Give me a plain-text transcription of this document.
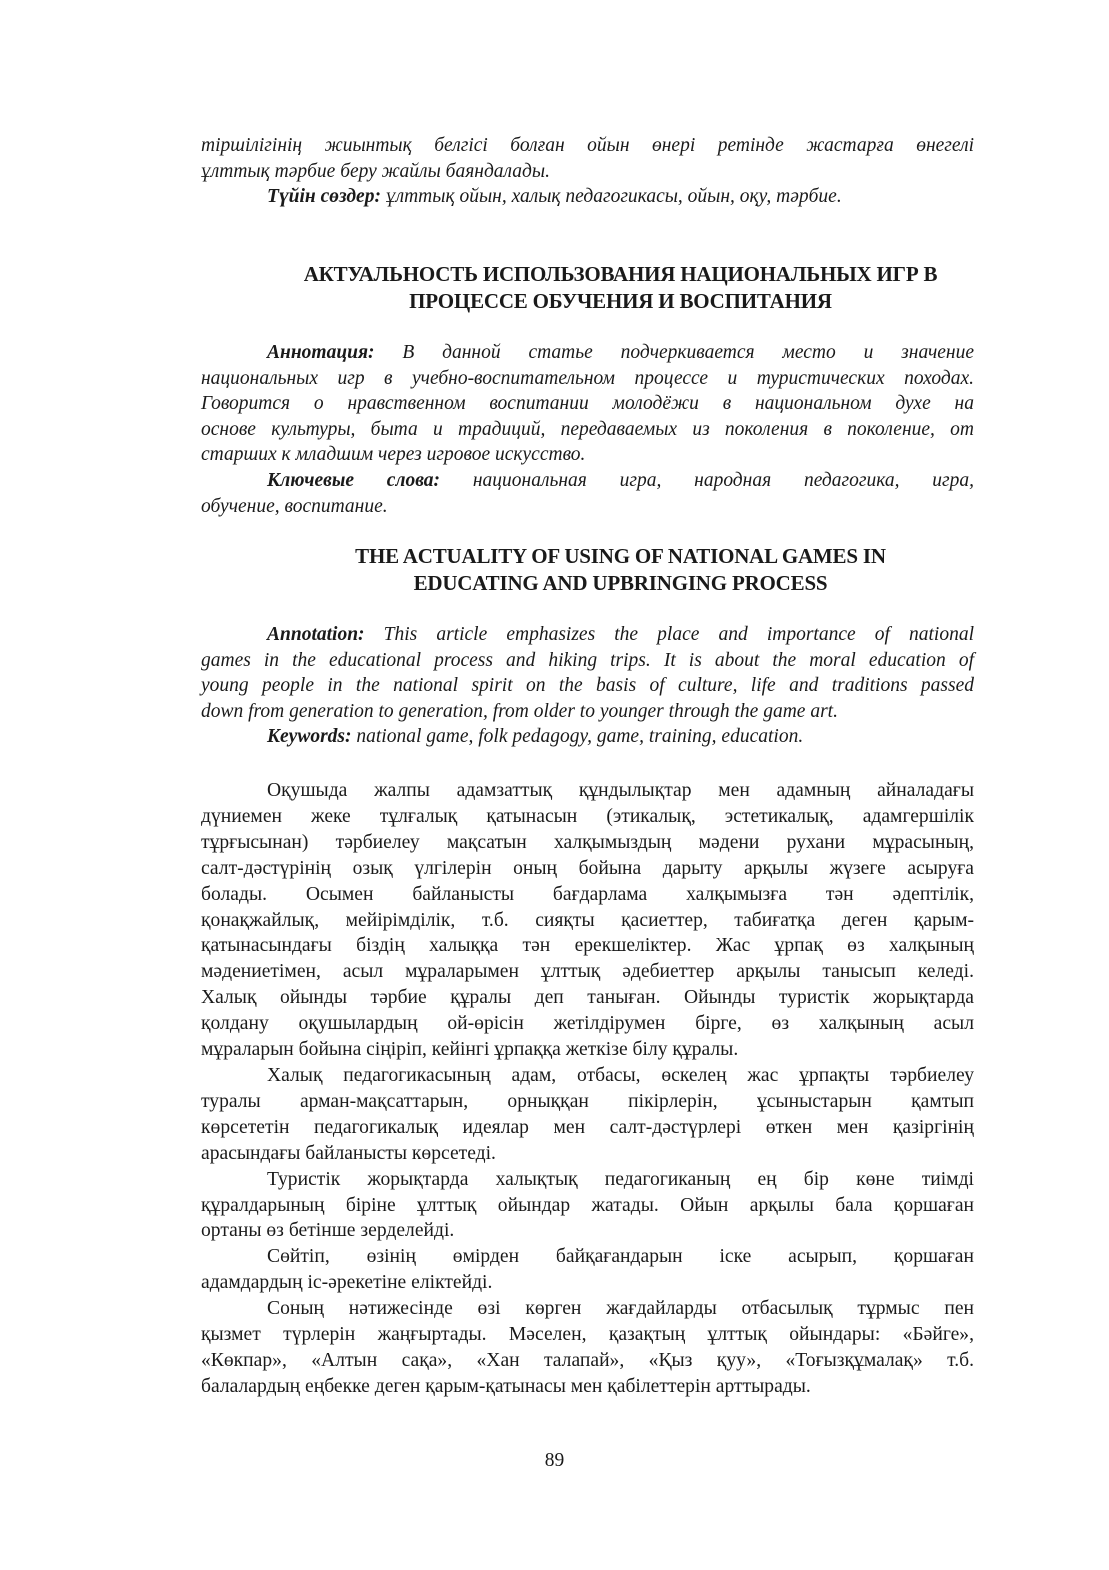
тіршілігінің жиынтық белгісі болған ойын өнері ретінде жастарға өнегелі

ұлттық тәрбие беру жайлы баяндалады.

Түйін сөздер: ұлттық ойын, халық педагогикасы, ойын, оқу, тәрбие.

АКТУАЛЬНОСТЬ ИСПОЛЬЗОВАНИЯ НАЦИОНАЛЬНЫХ ИГР В

ПРОЦЕССЕ ОБУЧЕНИЯ И ВОСПИТАНИЯ

Аннотация: В данной статье подчеркивается место и значение

национальных игр в учебно-воспитательном процессе и туристических походах.

Говорится о нравственном воспитании молодёжи в национальном духе на

основе культуры, быта и традиций, передаваемых из поколения в поколение, от

старших к младшим через игровое искусство.

Ключевые слова: национальная игра, народная педагогика, игра,

обучение, воспитание.

THE ACTUALITY OF USING OF NATIONAL GAMES IN

EDUCATING AND UPBRINGING PROCESS

Annotation: This article emphasizes the place and importance of national

games in the educational process and hiking trips. It is about the moral education of

young people in the national spirit on the basis of culture, life and traditions passed

down from generation to generation, from older to younger through the game art.

Keywords: national game, folk pedagogy, game, training, education.

Оқушыда жалпы адамзаттық құндылықтар мен адамның айналадағы

дүниемен жеке тұлғалық қатынасын (этикалық, эстетикалық, адамгершілік

тұрғысынан) тәрбиелеу мақсатын халқымыздың мәдени рухани мұрасының,

салт-дәстүрінің озық үлгілерін оның бойына дарыту арқылы жүзеге асыруға

болады. Осымен байланысты бағдарлама халқымызға тән әдептілік,

қонақжайлық, мейірімділік, т.б. сияқты қасиеттер, табиғатқа деген қарым-

қатынасындағы біздің халыққа тән ерекшеліктер. Жас ұрпақ өз халқының

мәдениетімен, асыл мұраларымен ұлттық әдебиеттер арқылы танысып келеді.

Халық ойынды тәрбие құралы деп таныған. Ойынды туристік жорықтарда

қолдану оқушылардың ой-өрісін жетілдірумен бірге, өз халқының асыл

мұраларын бойына сіңіріп, кейінгі ұрпаққа жеткізе білу құралы.

Халық педагогикасының адам, отбасы, өскелең жас ұрпақты тәрбиелеу

туралы арман-мақсаттарын, орныққан пікірлерін, ұсыныстарын қамтып

көрсететін педагогикалық идеялар мен салт-дәстүрлері өткен мен қазіргінің

арасындағы байланысты көрсетеді.

Туристік жорықтарда халықтық педагогиканың ең бір көне тиімді

құралдарының біріне ұлттық ойындар жатады. Ойын арқылы бала қоршаған

ортаны өз бетінше зерделейді.

Сөйтіп, өзінің өмірден байқағандарын іске асырып, қоршаған

адамдардың іс-әрекетіне еліктейді.

Соның нәтижесінде өзі көрген жағдайларды отбасылық тұрмыс пен

қызмет түрлерін жаңғыртады. Мәселен, қазақтың ұлттық ойындары: «Бәйге»,

«Көкпар», «Алтын сақа», «Хан талапай», «Қыз қуу», «Тоғызқұмалақ» т.б.

балалардың еңбекке деген қарым-қатынасы мен қабілеттерін арттырады.

89
